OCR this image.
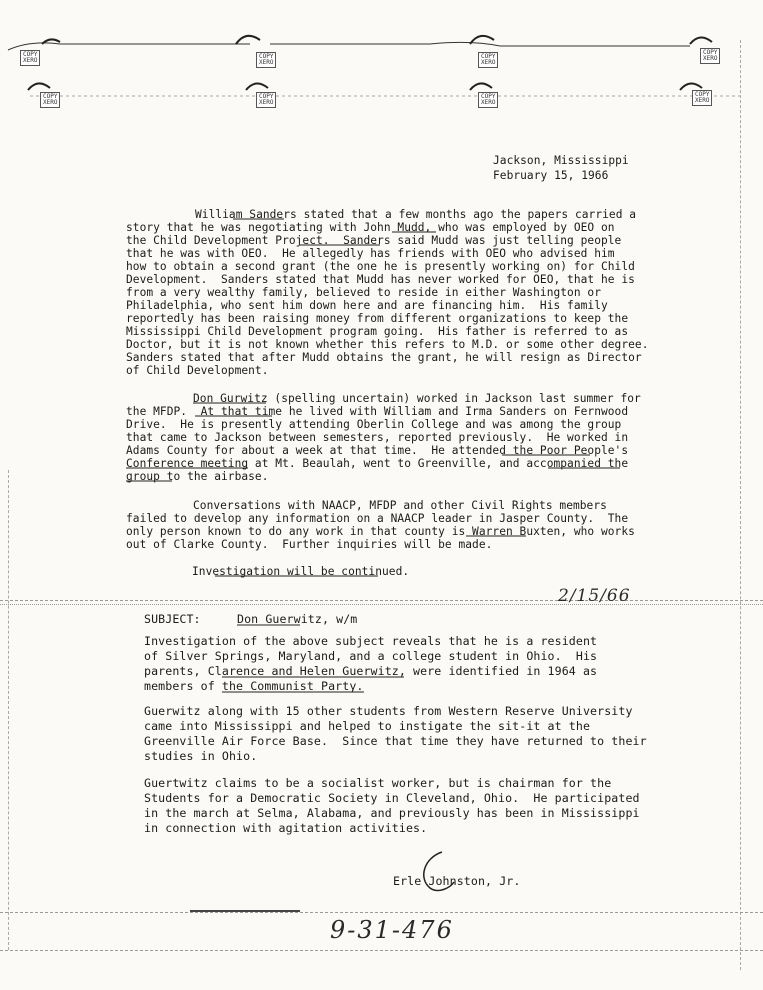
COPY
XERO
COPY
XERO
COPY
XERO
COPY
XERO
COPY
XERO
COPY
XERO
COPY
XERO
COPY
XERO
Jackson, Mississippi
February 15, 1966
William Sanders stated that a few months ago the papers carried a
story that he was negotiating with John Mudd, who was employed by OEO on
the Child Development Project.  Sanders said Mudd was just telling people
that he was with OEO.  He allegedly has friends with OEO who advised him
how to obtain a second grant (the one he is presently working on) for Child
Development.  Sanders stated that Mudd has never worked for OEO, that he is
from a very wealthy family, believed to reside in either Washington or
Philadelphia, who sent him down here and are financing him.  His family
reportedly has been raising money from different organizations to keep the
Mississippi Child Development program going.  His father is referred to as
Doctor, but it is not known whether this refers to M.D. or some other degree.
Sanders stated that after Mudd obtains the grant, he will resign as Director
of Child Development.
Don Gurwitz (spelling uncertain) worked in Jackson last summer for
the MFDP.  At that time he lived with William and Irma Sanders on Fernwood
Drive.  He is presently attending Oberlin College and was among the group
that came to Jackson between semesters, reported previously.  He worked in
Adams County for about a week at that time.  He attended the Poor People's
Conference meeting at Mt. Beaulah, went to Greenville, and accompanied the
group to the airbase.
Conversations with NAACP, MFDP and other Civil Rights members
failed to develop any information on a NAACP leader in Jasper County.  The
only person known to do any work in that county is Warren Buxten, who works
out of Clarke County.  Further inquiries will be made.
Investigation will be continued.
2/15/66
SUBJECT:	Don Guerwitz, w/m
Investigation of the above subject reveals that he is a resident
of Silver Springs, Maryland, and a college student in Ohio.  His
parents, Clarence and Helen Guerwitz, were identified in 1964 as
members of the Communist Party.
Guerwitz along with 15 other students from Western Reserve University
came into Mississippi and helped to instigate the sit-it at the
Greenville Air Force Base.  Since that time they have returned to their
studies in Ohio.
Guertwitz claims to be a socialist worker, but is chairman for the
Students for a Democratic Society in Cleveland, Ohio.  He participated
in the march at Selma, Alabama, and previously has been in Mississippi
in connection with agitation activities.
Erle Johnston, Jr.
9-31-476
